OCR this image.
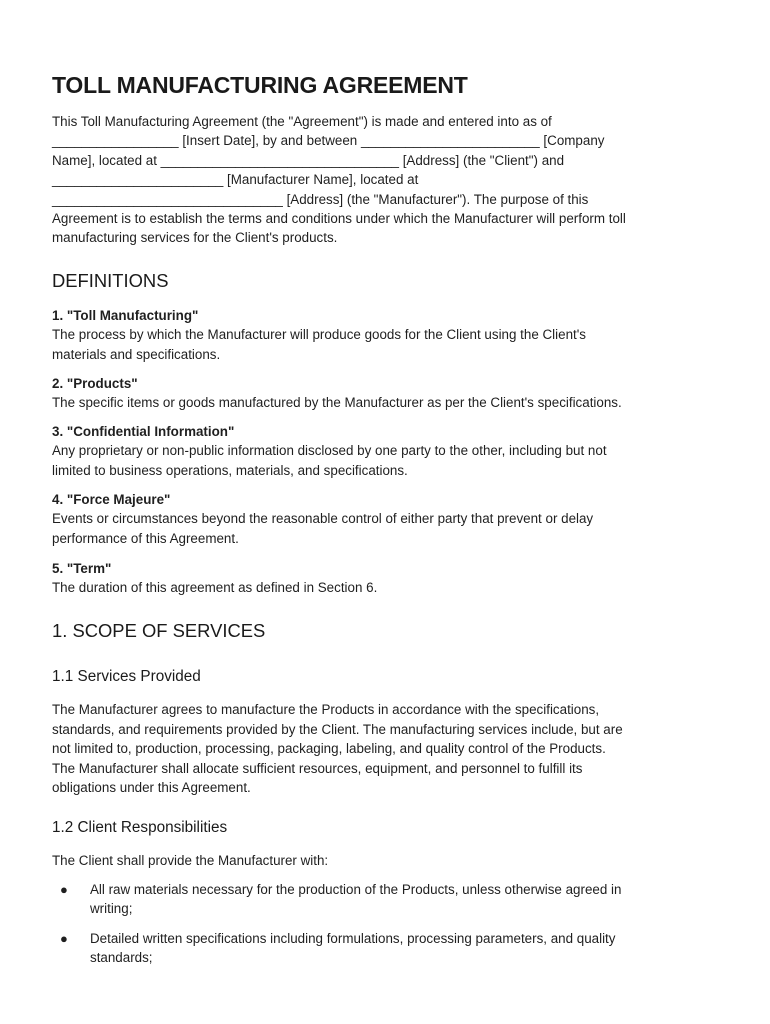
TOLL MANUFACTURING AGREEMENT

This Toll Manufacturing Agreement (the "Agreement") is made and entered into as of
_________________ [Insert Date], by and between ________________________ [Company
Name], located at ________________________________ [Address] (the "Client") and
_______________________ [Manufacturer Name], located at
_______________________________ [Address] (the "Manufacturer"). The purpose of this
Agreement is to establish the terms and conditions under which the Manufacturer will perform toll
manufacturing services for the Client's products.

DEFINITIONS
1. "Toll Manufacturing"
The process by which the Manufacturer will produce goods for the Client using the Client's
materials and specifications.
2. "Products"
The specific items or goods manufactured by the Manufacturer as per the Client's specifications.
3. "Confidential Information"
Any proprietary or non-public information disclosed by one party to the other, including but not
limited to business operations, materials, and specifications.
4. "Force Majeure"
Events or circumstances beyond the reasonable control of either party that prevent or delay
performance of this Agreement.
5. "Term"
The duration of this agreement as defined in Section 6.
1. SCOPE OF SERVICES
1.1 Services Provided

The Manufacturer agrees to manufacture the Products in accordance with the specifications,
standards, and requirements provided by the Client. The manufacturing services include, but are
not limited to, production, processing, packaging, labeling, and quality control of the Products.
The Manufacturer shall allocate sufficient resources, equipment, and personnel to fulfill its
obligations under this Agreement.

1.2 Client Responsibilities

The Client shall provide the Manufacturer with:

● All raw materials necessary for the production of the Products, unless otherwise agreed in
writing;
● Detailed written specifications including formulations, processing parameters, and quality
standards;
